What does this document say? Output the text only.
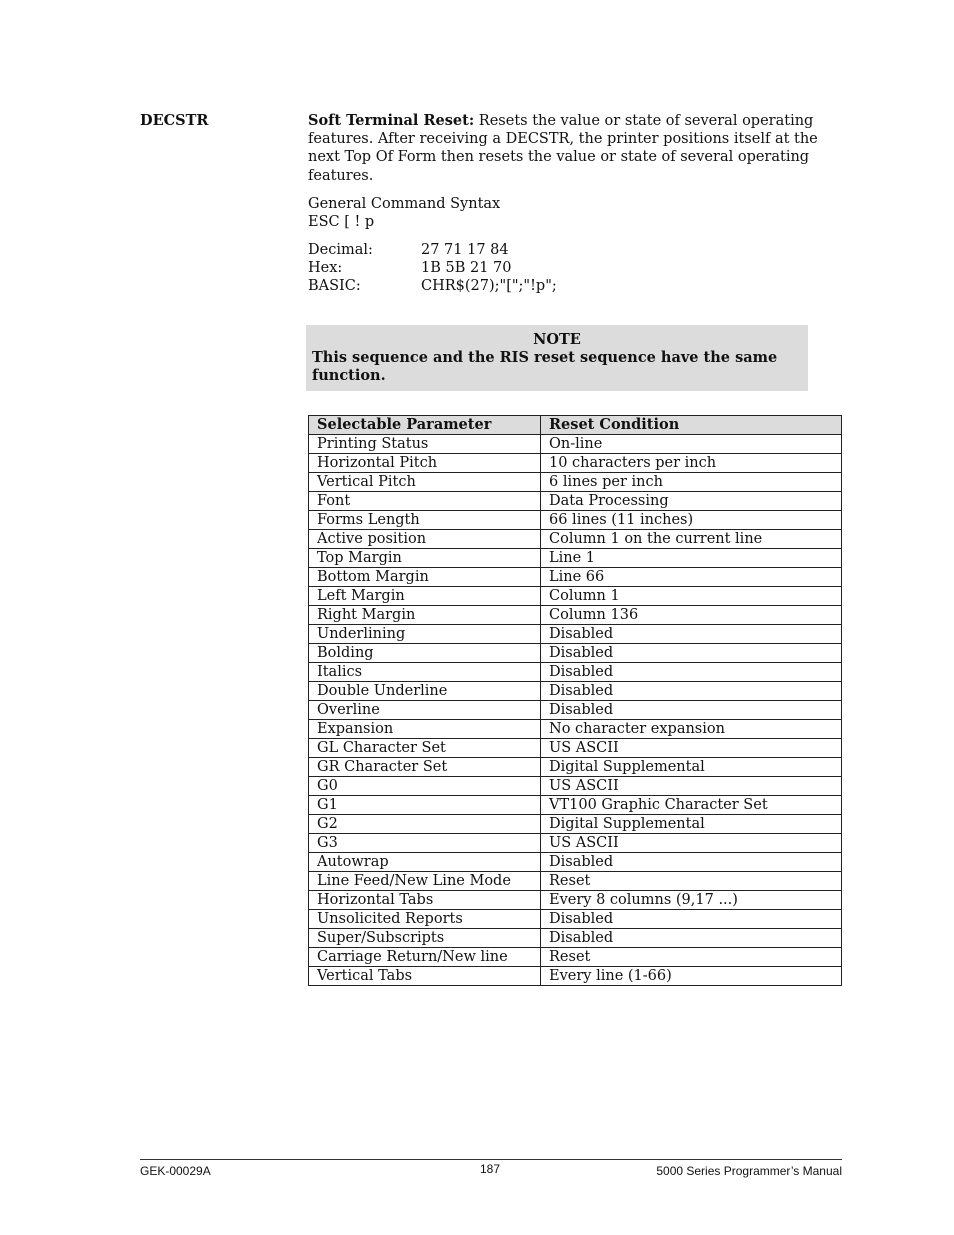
DECSTR	Soft Terminal Reset: Resets the value or state of several operating features. After receiving a DECSTR, the printer positions itself at the next Top Of Form then resets the value or state of several operating features.

General Command Syntax
ESC [ ! p
Decimal:	27 71 17 84
Hex:	1B 5B 21 70
BASIC:	CHR$(27);"[";"!p";
NOTE
This sequence and the RIS reset sequence have the same function.
Selectable Parameter	Reset Condition
Printing Status	On-line
Horizontal Pitch	10 characters per inch
Vertical Pitch	6 lines per inch
Font	Data Processing
Forms Length	66 lines (11 inches)
Active position	Column 1 on the current line
Top Margin	Line 1
Bottom Margin	Line 66
Left Margin	Column 1
Right Margin	Column 136
Underlining	Disabled
Bolding	Disabled
Italics	Disabled
Double Underline	Disabled
Overline	Disabled
Expansion	No character expansion
GL Character Set	US ASCII
GR Character Set	Digital Supplemental
G0	US ASCII
G1	VT100 Graphic Character Set
G2	Digital Supplemental
G3	US ASCII
Autowrap	Disabled
Line Feed/New Line Mode	Reset
Horizontal Tabs	Every 8 columns (9,17 ...)
Unsolicited Reports	Disabled
Super/Subscripts	Disabled
Carriage Return/New line	Reset
Vertical Tabs	Every line (1-66)
GEK-00029A	187	5000 Series Programmer’s Manual
